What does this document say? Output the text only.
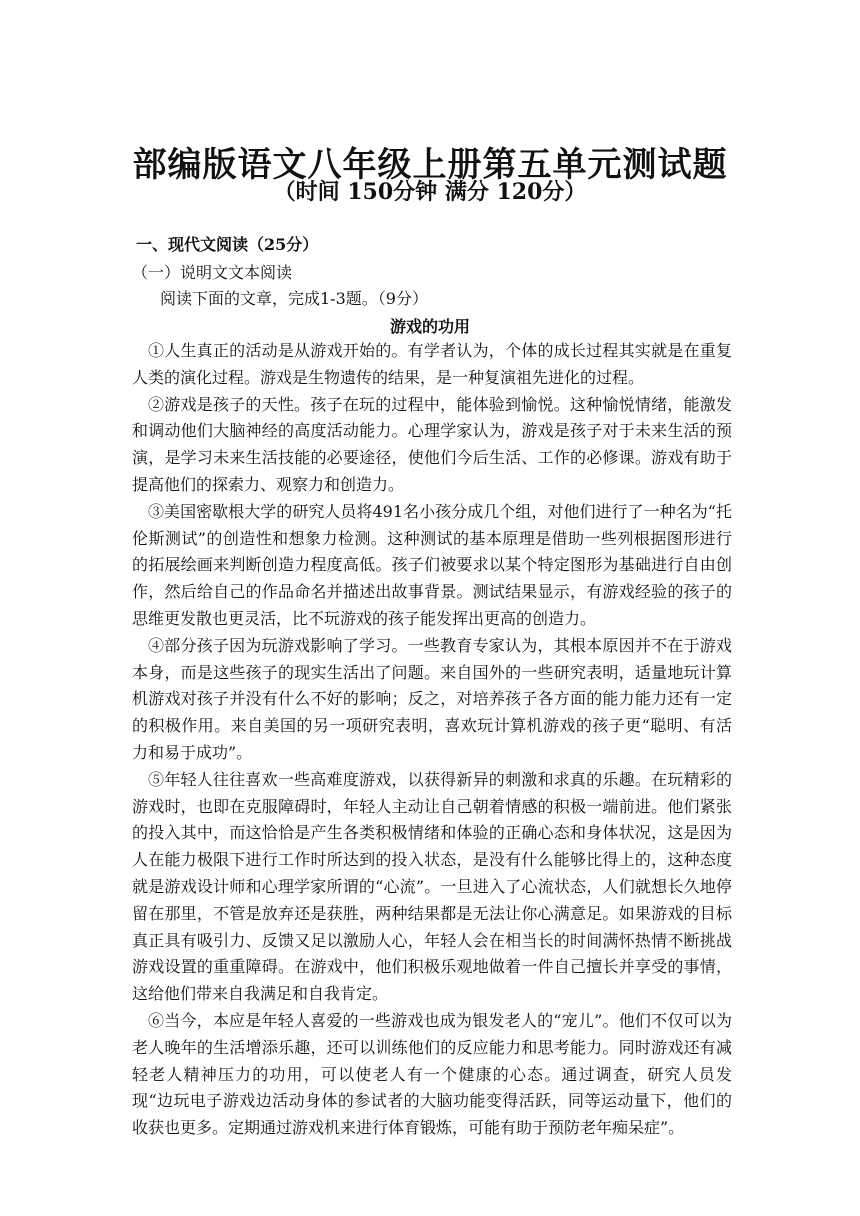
部编版语文八年级上册第五单元测试题
（时间 150分钟 满分 120分）
一、现代文阅读（25分）
（一）说明文文本阅读
阅读下面的文章，完成1-3题。（9分）
游戏的功用

①人生真正的活动是从游戏开始的。有学者认为，个体的成长过程其实就是在重复人类的演化过程。游戏是生物遗传的结果，是一种复演祖先进化的过程。

②游戏是孩子的天性。孩子在玩的过程中，能体验到愉悦。这种愉悦情绪，能激发和调动他们大脑神经的高度活动能力。心理学家认为，游戏是孩子对于未来生活的预演，是学习未来生活技能的必要途径，使他们今后生活、工作的必修课。游戏有助于提高他们的探索力、观察力和创造力。

③美国密歇根大学的研究人员将491名小孩分成几个组，对他们进行了一种名为“托伦斯测试”的创造性和想象力检测。这种测试的基本原理是借助一些列根据图形进行的拓展绘画来判断创造力程度高低。孩子们被要求以某个特定图形为基础进行自由创作，然后给自己的作品命名并描述出故事背景。测试结果显示，有游戏经验的孩子的思维更发散也更灵活，比不玩游戏的孩子能发挥出更高的创造力。

④部分孩子因为玩游戏影响了学习。一些教育专家认为，其根本原因并不在于游戏本身，而是这些孩子的现实生活出了问题。来自国外的一些研究表明，适量地玩计算机游戏对孩子并没有什么不好的影响；反之，对培养孩子各方面的能力能力还有一定的积极作用。来自美国的另一项研究表明，喜欢玩计算机游戏的孩子更“聪明、有活力和易于成功”。

⑤年轻人往往喜欢一些高难度游戏，以获得新异的刺激和求真的乐趣。在玩精彩的游戏时，也即在克服障碍时，年轻人主动让自己朝着情感的积极一端前进。他们紧张的投入其中，而这恰恰是产生各类积极情绪和体验的正确心态和身体状况，这是因为人在能力极限下进行工作时所达到的投入状态，是没有什么能够比得上的，这种态度就是游戏设计师和心理学家所谓的“心流”。一旦进入了心流状态，人们就想长久地停留在那里，不管是放弃还是获胜，两种结果都是无法让你心满意足。如果游戏的目标真正具有吸引力、反馈又足以激励人心，年轻人会在相当长的时间满怀热情不断挑战游戏设置的重重障碍。在游戏中，他们积极乐观地做着一件自己擅长并享受的事情，这给他们带来自我满足和自我肯定。

⑥当今，本应是年轻人喜爱的一些游戏也成为银发老人的“宠儿”。他们不仅可以为老人晚年的生活增添乐趣，还可以训练他们的反应能力和思考能力。同时游戏还有减轻老人精神压力的功用，可以使老人有一个健康的心态。通过调查，研究人员发现“边玩电子游戏边活动身体的参试者的大脑功能变得活跃，同等运动量下，他们的收获也更多。定期通过游戏机来进行体育锻炼，可能有助于预防老年痴呆症”。
